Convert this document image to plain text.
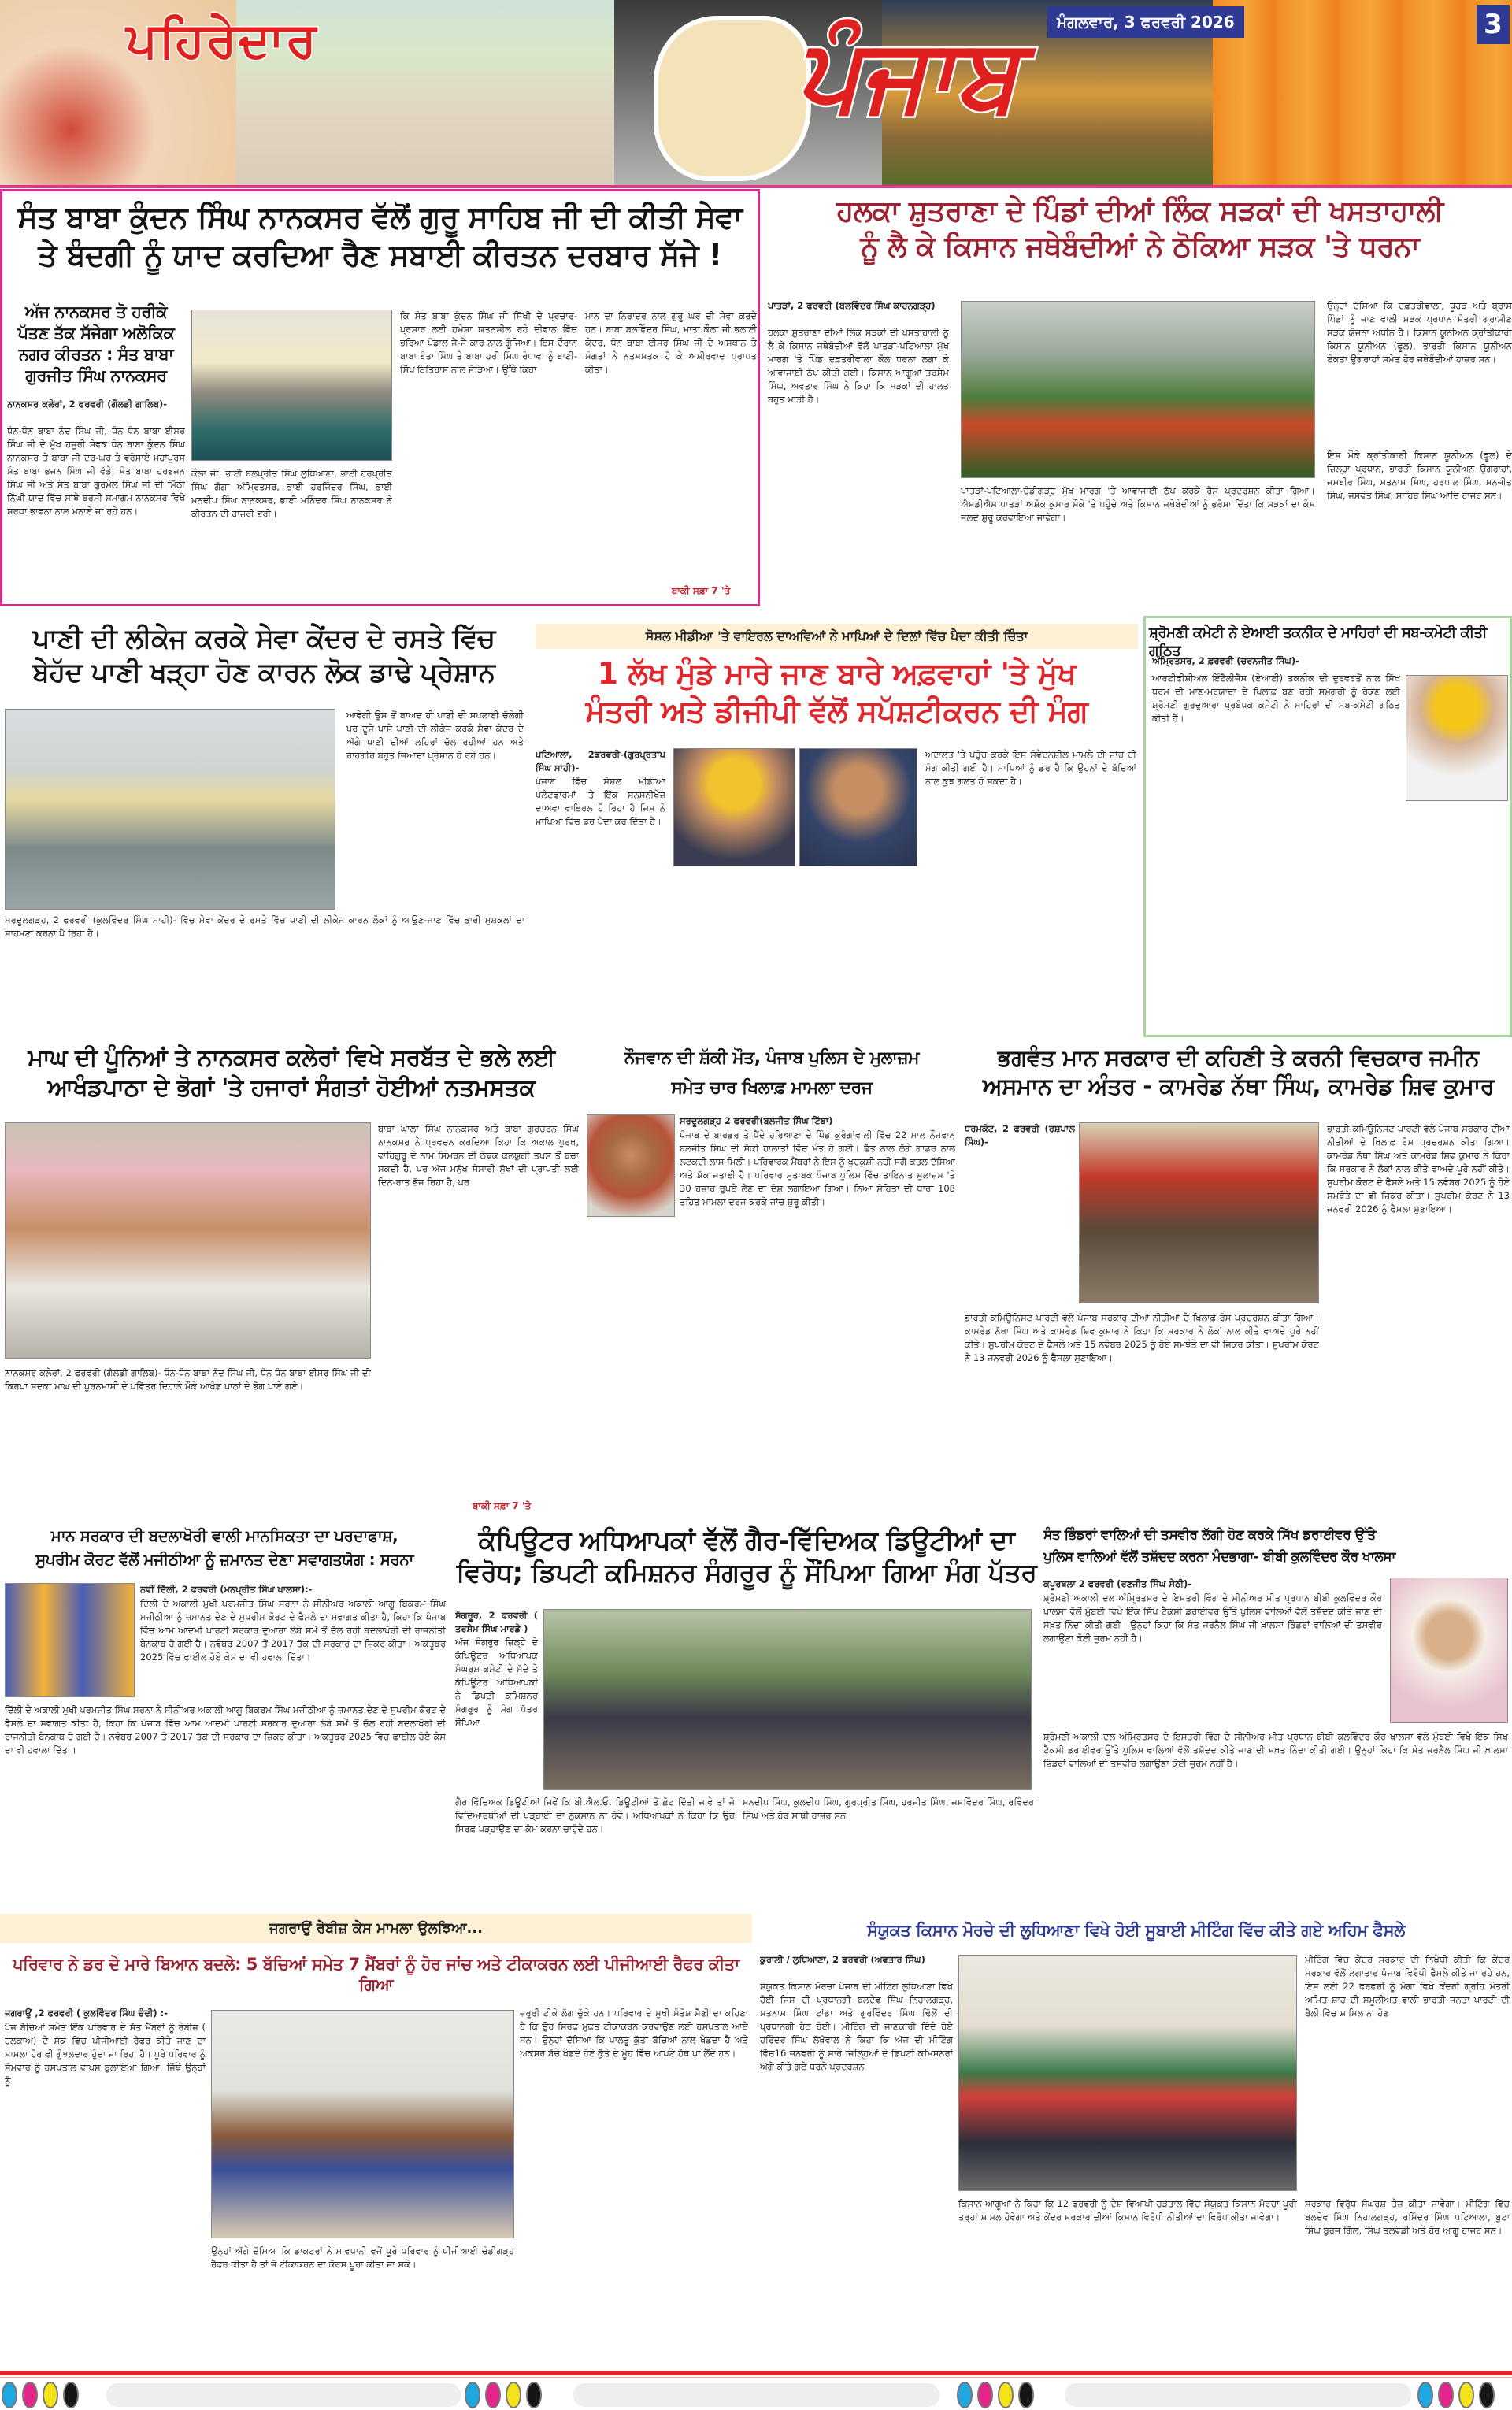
ਪਹਿਰੇਦਾਰ	ਪੰਜਾਬ	ਮੰਗਲਵਾਰ, 3 ਫਰਵਰੀ 2026	3
ਸੰਤ ਬਾਬਾ ਕੁੰਦਨ ਸਿੰਘ ਨਾਨਕਸਰ ਵੱਲੋਂ ਗੁਰੂ ਸਾਹਿਬ ਜੀ ਦੀ ਕੀਤੀ ਸੇਵਾ
ਤੇ ਬੰਦਗੀ ਨੂੰ ਯਾਦ ਕਰਦਿਆ ਰੈਣ ਸਬਾਈ ਕੀਰਤਨ ਦਰਬਾਰ ਸੱਜੇ !
ਅੱਜ ਨਾਨਕਸਰ ਤੋ ਹਰੀਕੇ ਪੱਤਣ ਤੱਕ ਸੱਜੇਗਾ ਅਲੋਕਿਕ ਨਗਰ ਕੀਰਤਨ : ਸੰਤ ਬਾਬਾ ਗੁਰਜੀਤ ਸਿੰਘ ਨਾਨਕਸਰ
ਨਾਨਕਸਰ ਕਲੇਰਾਂ, 2 ਫਰਵਰੀ (ਗੋਲਡੀ ਗਾਲਿਬ)-
ਧੰਨ-ਧੰਨ ਬਾਬਾ ਨੰਦ ਸਿੰਘ ਜੀ, ਧੰਨ ਧੰਨ ਬਾਬਾ ਈਸਰ ਸਿੰਘ ਜੀ ਦੇ ਮੁੱਖ ਹਜੂਰੀ ਸੇਵਕ ਧੰਨ ਬਾਬਾ ਕੁੰਦਨ ਸਿੰਘ ਨਾਨਕਸਰ ਤੇ ਬਾਬਾ ਜੀ ਦਰ-ਘਰ ਤੇ ਵਰੋਸਾਏ ਮਹਾਂਪੁਰਸ ਸੰਤ ਬਾਬਾ ਭਜਨ ਸਿੰਘ ਜੀ ਵੱਡੇ, ਸੰਤ ਬਾਬਾ ਹਰਭਜਨ ਸਿੰਘ ਜੀ ਅਤੇ ਸੰਤ ਬਾਬਾ ਗੁਰਮੇਲ ਸਿੰਘ ਜੀ ਦੀ ਮਿੱਠੀ ਨਿੱਘੀ ਯਾਦ ਵਿੱਚ ਸਾਂਝੇ ਬਰਸੀ ਸਮਾਗਮ ਨਾਨਕਸਰ ਵਿਖੇ ਸ਼ਰਧਾ ਭਾਵਨਾ ਨਾਲ ਮਨਾਏ ਜਾ ਰਹੇ ਹਨ।
ਕੌਲਾ ਜੀ, ਭਾਈ ਬਲਪ੍ਰੀਤ ਸਿੰਘ ਲੁਧਿਆਣਾ, ਭਾਈ ਹਰਪ੍ਰੀਤ ਸਿੰਘ ਗੋਗਾ ਅੰਮ੍ਰਿਤਸਰ, ਭਾਈ ਹਰਜਿੰਦਰ ਸਿੰਘ, ਭਾਈ ਮਨਦੀਪ ਸਿੰਘ ਨਾਨਕਸਰ, ਭਾਈ ਮਨਿੰਦਰ ਸਿੰਘ ਨਾਨਕਸਰ ਨੇ ਕੀਰਤਨ ਦੀ ਹਾਜ਼ਰੀ ਭਰੀ।
ਕਿ ਸੰਤ ਬਾਬਾ ਕੁੰਦਨ ਸਿੰਘ ਜੀ ਸਿੱਖੀ ਦੇ ਪ੍ਰਚਾਰ-ਪ੍ਰਸਾਰ ਲਈ ਹਮੇਸ਼ਾ ਯਤਨਸ਼ੀਲ ਰਹੇ ਦੀਵਾਨ ਵਿੱਚ ਭਰਿਆ ਪੰਡਾਲ ਜੈ-ਜੈ ਕਾਰ ਨਾਲ ਗੂੰਜਿਆ। ਇਸ ਦੌਰਾਨ ਬਾਬਾ ਬੰਤਾ ਸਿੰਘ ਤੇ ਬਾਬਾ ਹਰੀ ਸਿੰਘ ਰੰਧਾਵਾ ਨੂੰ ਬਾਣੀ-ਸਿੱਖ ਇਤਿਹਾਸ ਨਾਲ ਜੋੜਿਆ। ਉੱਥੇ ਕਿਹਾ
ਮਾਨ ਦਾ ਨਿਰਾਦਰ ਨਾਲ ਗੁਰੂ ਘਰ ਦੀ ਸੇਵਾ ਕਰਦੇ ਹਨ। ਬਾਬਾ ਬਲਵਿੰਦਰ ਸਿੰਘ, ਮਾਤਾ ਕੌਲਾ ਜੀ ਭਲਾਈ ਕੇਂਦਰ, ਧੰਨ ਬਾਬਾ ਈਸਰ ਸਿੰਘ ਜੀ ਦੇ ਅਸਥਾਨ ਤੇ ਸੰਗਤਾਂ ਨੇ ਨਤਮਸਤਕ ਹੋ ਕੇ ਅਸ਼ੀਰਵਾਦ ਪ੍ਰਾਪਤ ਕੀਤਾ।
ਬਾਕੀ ਸਫ਼ਾ 7 'ਤੇ
ਹਲਕਾ ਸ਼ੁਤਰਾਣਾ ਦੇ ਪਿੰਡਾਂ ਦੀਆਂ ਲਿੰਕ ਸੜਕਾਂ ਦੀ ਖਸਤਾਹਾਲੀ
ਨੂੰ ਲੈ ਕੇ ਕਿਸਾਨ ਜਥੇਬੰਦੀਆਂ ਨੇ ਠੋਕਿਆ ਸੜਕ 'ਤੇ ਧਰਨਾ
ਪਾਤੜਾਂ, 2 ਫਰਵਰੀ (ਬਲਵਿੰਦਰ ਸਿੰਘ ਕਾਹਨਗੜ੍ਹ)
ਹਲਕਾ ਸ਼ੁਤਰਾਣਾ ਦੀਆਂ ਲਿੰਕ ਸੜਕਾਂ ਦੀ ਖਸਤਾਹਾਲੀ ਨੂੰ ਲੈ ਕੇ ਕਿਸਾਨ ਜਥੇਬੰਦੀਆਂ ਵੱਲੋਂ ਪਾਤੜਾਂ-ਪਟਿਆਲਾ ਮੁੱਖ ਮਾਰਗ 'ਤੇ ਪਿੰਡ ਦਫ਼ਤਰੀਵਾਲਾ ਕੋਲ ਧਰਨਾ ਲਗਾ ਕੇ ਆਵਾਜਾਈ ਠੱਪ ਕੀਤੀ ਗਈ। ਕਿਸਾਨ ਆਗੂਆਂ ਤਰਸੇਮ ਸਿੰਘ, ਅਵਤਾਰ ਸਿੰਘ ਨੇ ਕਿਹਾ ਕਿ ਸੜਕਾਂ ਦੀ ਹਾਲਤ ਬਹੁਤ ਮਾੜੀ ਹੈ।
ਪਾਤੜਾਂ-ਪਟਿਆਲਾ-ਚੰਡੀਗੜ੍ਹ ਮੁੱਖ ਮਾਰਗ 'ਤੇ ਆਵਾਜਾਈ ਠੱਪ ਕਰਕੇ ਰੋਸ ਪ੍ਰਦਰਸ਼ਨ ਕੀਤਾ ਗਿਆ। ਐਸਡੀਐਮ ਪਾਤੜਾਂ ਅਸ਼ੋਕ ਕੁਮਾਰ ਮੌਕੇ 'ਤੇ ਪਹੁੰਚੇ ਅਤੇ ਕਿਸਾਨ ਜਥੇਬੰਦੀਆਂ ਨੂੰ ਭਰੋਸਾ ਦਿੱਤਾ ਕਿ ਸੜਕਾਂ ਦਾ ਕੰਮ ਜਲਦ ਸ਼ੁਰੂ ਕਰਵਾਇਆ ਜਾਵੇਗਾ।
ਉਨ੍ਹਾਂ ਦੱਸਿਆ ਕਿ ਦਫ਼ਤਰੀਵਾਲਾ, ਧੂਹੜ ਅਤੇ ਬ੍ਰਾਸ ਪਿੰਡਾਂ ਨੂੰ ਜਾਣ ਵਾਲੀ ਸੜਕ ਪ੍ਰਧਾਨ ਮੰਤਰੀ ਗ੍ਰਾਮੀਣ ਸੜਕ ਯੋਜਨਾ ਅਧੀਨ ਹੈ। ਕਿਸਾਨ ਯੂਨੀਅਨ ਕ੍ਰਾਂਤੀਕਾਰੀ ਕਿਸਾਨ ਯੂਨੀਅਨ (ਫੂਲ), ਭਾਰਤੀ ਕਿਸਾਨ ਯੂਨੀਅਨ ਏਕਤਾ ਉਗਰਾਹਾਂ ਸਮੇਤ ਹੋਰ ਜਥੇਬੰਦੀਆਂ ਹਾਜ਼ਰ ਸਨ।
ਇਸ ਮੌਕੇ ਕ੍ਰਾਂਤੀਕਾਰੀ ਕਿਸਾਨ ਯੂਨੀਅਨ (ਫੂਲ) ਦੇ ਜ਼ਿਲ੍ਹਾ ਪ੍ਰਧਾਨ, ਭਾਰਤੀ ਕਿਸਾਨ ਯੂਨੀਅਨ ਉਗਰਾਹਾਂ, ਜਸਬੀਰ ਸਿੰਘ, ਸਤਨਾਮ ਸਿੰਘ, ਹਰਪਾਲ ਸਿੰਘ, ਮਨਜੀਤ ਸਿੰਘ, ਜਸਵੰਤ ਸਿੰਘ, ਸਾਹਿਬ ਸਿੰਘ ਆਦਿ ਹਾਜ਼ਰ ਸਨ।
ਪਾਣੀ ਦੀ ਲੀਕੇਜ ਕਰਕੇ ਸੇਵਾ ਕੇਂਦਰ ਦੇ ਰਸਤੇ ਵਿੱਚ
ਬੇਹੱਦ ਪਾਣੀ ਖੜ੍ਹਾ ਹੋਣ ਕਾਰਨ ਲੋਕ ਡਾਢੇ ਪ੍ਰੇਸ਼ਾਨ
ਆਵੇਗੀ ਉਸ ਤੋਂ ਬਾਅਦ ਹੀ ਪਾਣੀ ਦੀ ਸਪਲਾਈ ਚੱਲੇਗੀ ਪਰ ਦੂਜੇ ਪਾਸੇ ਪਾਣੀ ਦੀ ਲੀਕੇਜ ਕਰਕੇ ਸੇਵਾ ਕੇਂਦਰ ਦੇ ਅੱਗੇ ਪਾਣੀ ਦੀਆਂ ਲਹਿਰਾਂ ਚੱਲ ਰਹੀਆਂ ਹਨ ਅਤੇ ਰਾਹਗੀਰ ਬਹੁਤ ਜਿਆਦਾ ਪ੍ਰੇਸ਼ਾਨ ਹੋ ਰਹੇ ਹਨ।
ਸਰਦੂਲਗੜ੍ਹ, 2 ਫਰਵਰੀ (ਕੁਲਵਿੰਦਰ ਸਿੰਘ ਸਾਹੀ)- ਵਿੱਚ ਸੇਵਾ ਕੇਂਦਰ ਦੇ ਰਸਤੇ ਵਿੱਚ ਪਾਣੀ ਦੀ ਲੀਕੇਜ ਕਾਰਨ ਲੋਕਾਂ ਨੂੰ ਆਉਣ-ਜਾਣ ਵਿੱਚ ਭਾਰੀ ਮੁਸ਼ਕਲਾਂ ਦਾ ਸਾਹਮਣਾ ਕਰਨਾ ਪੈ ਰਿਹਾ ਹੈ।
ਸੋਸ਼ਲ ਮੀਡੀਆ 'ਤੇ ਵਾਇਰਲ ਦਾਅਵਿਆਂ ਨੇ ਮਾਪਿਆਂ ਦੇ ਦਿਲਾਂ ਵਿੱਚ ਪੈਦਾ ਕੀਤੀ ਚਿੰਤਾ
1 ਲੱਖ ਮੁੰਡੇ ਮਾਰੇ ਜਾਣ ਬਾਰੇ ਅਫ਼ਵਾਹਾਂ 'ਤੇ ਮੁੱਖ
ਮੰਤਰੀ ਅਤੇ ਡੀਜੀਪੀ ਵੱਲੋਂ ਸਪੱਸ਼ਟੀਕਰਨ ਦੀ ਮੰਗ
ਪਟਿਆਲਾ, 2ਫਰਵਰੀ-(ਗੁਰਪ੍ਰਤਾਪ ਸਿੰਘ ਸਾਹੀ)-
ਪੰਜਾਬ ਵਿੱਚ ਸੋਸ਼ਲ ਮੀਡੀਆ ਪਲੇਟਫਾਰਮਾਂ 'ਤੇ ਇੱਕ ਸਨਸਨੀਖੇਜ਼ ਦਾਅਵਾ ਵਾਇਰਲ ਹੋ ਰਿਹਾ ਹੈ ਜਿਸ ਨੇ ਮਾਪਿਆਂ ਵਿੱਚ ਡਰ ਪੈਦਾ ਕਰ ਦਿੱਤਾ ਹੈ।
ਅਦਾਲਤ 'ਤੇ ਪਹੁੰਚ ਕਰਕੇ ਇਸ ਸੰਵੇਦਨਸ਼ੀਲ ਮਾਮਲੇ ਦੀ ਜਾਂਚ ਦੀ ਮੰਗ ਕੀਤੀ ਗਈ ਹੈ। ਮਾਪਿਆਂ ਨੂੰ ਡਰ ਹੈ ਕਿ ਉਹਨਾਂ ਦੇ ਬੱਚਿਆਂ ਨਾਲ ਕੁਝ ਗਲਤ ਹੋ ਸਕਦਾ ਹੈ।
ਸ਼੍ਰੋਮਣੀ ਕਮੇਟੀ ਨੇ ਏਆਈ ਤਕਨੀਕ ਦੇ ਮਾਹਿਰਾਂ ਦੀ ਸਬ-ਕਮੇਟੀ ਕੀਤੀ ਗਠਿਤ
ਅੰਮ੍ਰਿਤਸਰ, 2 ਫ਼ਰਵਰੀ (ਚਰਨਜੀਤ ਸਿੰਘ)-
ਆਰਟੀਫੀਸ਼ੀਅਲ ਇੰਟੈਲੀਜੈਂਸ (ਏਆਈ) ਤਕਨੀਕ ਦੀ ਦੁਰਵਰਤੋਂ ਨਾਲ ਸਿੱਖ ਧਰਮ ਦੀ ਮਾਣ-ਮਰਯਾਦਾ ਦੇ ਖਿਲਾਫ਼ ਬਣ ਰਹੀ ਸਮੱਗਰੀ ਨੂੰ ਰੋਕਣ ਲਈ ਸ਼੍ਰੋਮਣੀ ਗੁਰਦੁਆਰਾ ਪ੍ਰਬੰਧਕ ਕਮੇਟੀ ਨੇ ਮਾਹਿਰਾਂ ਦੀ ਸਬ-ਕਮੇਟੀ ਗਠਿਤ ਕੀਤੀ ਹੈ।
ਮਾਘ ਦੀ ਪੂੰਨਿਆਂ ਤੇ ਨਾਨਕਸਰ ਕਲੇਰਾਂ ਵਿਖੇ ਸਰਬੱਤ ਦੇ ਭਲੇ ਲਈ
ਆਖੰਡਪਾਠਾ ਦੇ ਭੋਗਾਂ 'ਤੇ ਹਜਾਰਾਂ ਸੰਗਤਾਂ ਹੋਈਆਂ ਨਤਮਸਤਕ
ਬਾਬਾ ਘਾਲਾ ਸਿੰਘ ਨਾਨਕਸਰ ਅਤੇ ਬਾਬਾ ਗੁਰਚਰਨ ਸਿੰਘ ਨਾਨਕਸਰ ਨੇ ਪ੍ਰਵਚਨ ਕਰਦਿਆ ਕਿਹਾ ਕਿ ਅਕਾਲ ਪੁਰਖ, ਵਾਹਿਗੁਰੂ ਦੇ ਨਾਮ ਸਿਮਰਨ ਦੀ ਠੰਢਕ ਕਲਯੁਗੀ ਤਪਸ ਤੋਂ ਬਚਾ ਸਕਦੀ ਹੈ, ਪਰ ਅੱਜ ਮਨੁੱਖ ਸੰਸਾਰੀ ਸੁੱਖਾਂ ਦੀ ਪ੍ਰਾਪਤੀ ਲਈ ਦਿਨ-ਰਾਤ ਭੱਜ ਰਿਹਾ ਹੈ, ਪਰ
ਨਾਨਕਸਰ ਕਲੇਰਾਂ, 2 ਫਰਵਰੀ (ਗੋਲਡੀ ਗਾਲਿਬ)- ਧੰਨ-ਧੰਨ ਬਾਬਾ ਨੰਦ ਸਿੰਘ ਜੀ, ਧੰਨ ਧੰਨ ਬਾਬਾ ਈਸਰ ਸਿੰਘ ਜੀ ਦੀ ਕਿਰਪਾ ਸਦਕਾ ਮਾਘ ਦੀ ਪੂਰਨਮਾਸ਼ੀ ਦੇ ਪਵਿੱਤਰ ਦਿਹਾੜੇ ਮੌਕੇ ਆਖੰਡ ਪਾਠਾਂ ਦੇ ਭੋਗ ਪਾਏ ਗਏ।
ਬਾਕੀ ਸਫ਼ਾ 7 'ਤੇ
ਨੌਜਵਾਨ ਦੀ ਸ਼ੱਕੀ ਮੌਤ, ਪੰਜਾਬ ਪੁਲਿਸ ਦੇ ਮੁਲਾਜ਼ਮ
ਸਮੇਤ ਚਾਰ ਖਿਲਾਫ਼ ਮਾਮਲਾ ਦਰਜ
ਸਰਦੂਲਗੜ੍ਹ 2 ਫਰਵਰੀ(ਬਲਜੀਤ ਸਿੰਘ ਟਿੱਬਾ)
ਪੰਜਾਬ ਦੇ ਬਾਰਡਰ ਤੇ ਪੈਂਦੇ ਹਰਿਆਣਾ ਦੇ ਪਿੰਡ ਕੁਰੰਗਾਂਵਾਲੀ ਵਿੱਚ 22 ਸਾਲ ਨੌਜਵਾਨ ਬਲਜੀਤ ਸਿੰਘ ਦੀ ਸ਼ੱਕੀ ਹਾਲਾਤਾਂ ਵਿੱਚ ਮੌਤ ਹੋ ਗਈ। ਛੱਤ ਨਾਲ ਲੱਗੇ ਗਾਡਰ ਨਾਲ ਲਟਕਦੀ ਲਾਸ਼ ਮਿਲੀ। ਪਰਿਵਾਰਕ ਮੈਂਬਰਾਂ ਨੇ ਇਸ ਨੂੰ ਖੁਦਕੁਸ਼ੀ ਨਹੀਂ ਸਗੋਂ ਕਤਲ ਦੱਸਿਆ ਅਤੇ ਸ਼ੱਕ ਜਤਾਈ ਹੈ। ਪਰਿਵਾਰ ਮੁਤਾਬਕ ਪੰਜਾਬ ਪੁਲਿਸ ਵਿੱਚ ਤਾਇਨਾਤ ਮੁਲਾਜ਼ਮ 'ਤੇ 30 ਹਜ਼ਾਰ ਰੁਪਏ ਲੈਣ ਦਾ ਦੋਸ਼ ਲਗਾਇਆ ਗਿਆ। ਨਿਆ ਸੰਹਿਤਾ ਦੀ ਧਾਰਾ 108 ਤਹਿਤ ਮਾਮਲਾ ਦਰਜ ਕਰਕੇ ਜਾਂਚ ਸ਼ੁਰੂ ਕੀਤੀ।
ਭਗਵੰਤ ਮਾਨ ਸਰਕਾਰ ਦੀ ਕਹਿਣੀ ਤੇ ਕਰਨੀ ਵਿਚਕਾਰ ਜਮੀਨ
ਅਸਮਾਨ ਦਾ ਅੰਤਰ - ਕਾਮਰੇਡ ਨੱਥਾ ਸਿੰਘ, ਕਾਮਰੇਡ ਸ਼ਿਵ ਕੁਮਾਰ
ਧਰਮਕੋਟ, 2 ਫਰਵਰੀ (ਰਸ਼ਪਾਲ ਸਿੰਘ)-
ਭਾਰਤੀ ਕਮਿਊਨਿਸਟ ਪਾਰਟੀ ਵੱਲੋਂ ਪੰਜਾਬ ਸਰਕਾਰ ਦੀਆਂ ਨੀਤੀਆਂ ਦੇ ਖਿਲਾਫ਼ ਰੋਸ ਪ੍ਰਦਰਸ਼ਨ ਕੀਤਾ ਗਿਆ। ਕਾਮਰੇਡ ਨੱਥਾ ਸਿੰਘ ਅਤੇ ਕਾਮਰੇਡ ਸ਼ਿਵ ਕੁਮਾਰ ਨੇ ਕਿਹਾ ਕਿ ਸਰਕਾਰ ਨੇ ਲੋਕਾਂ ਨਾਲ ਕੀਤੇ ਵਾਅਦੇ ਪੂਰੇ ਨਹੀਂ ਕੀਤੇ। ਸੁਪਰੀਮ ਕੋਰਟ ਦੇ ਫੈਸਲੇ ਅਤੇ 15 ਨਵੰਬਰ 2025 ਨੂੰ ਹੋਏ ਸਮਝੌਤੇ ਦਾ ਵੀ ਜ਼ਿਕਰ ਕੀਤਾ। ਸੁਪਰੀਮ ਕੋਰਟ ਨੇ 13 ਜਨਵਰੀ 2026 ਨੂੰ ਫੈਸਲਾ ਸੁਣਾਇਆ।
ਭਾਰਤੀ ਕਮਿਊਨਿਸਟ ਪਾਰਟੀ ਵੱਲੋਂ ਪੰਜਾਬ ਸਰਕਾਰ ਦੀਆਂ ਨੀਤੀਆਂ ਦੇ ਖਿਲਾਫ਼ ਰੋਸ ਪ੍ਰਦਰਸ਼ਨ ਕੀਤਾ ਗਿਆ। ਕਾਮਰੇਡ ਨੱਥਾ ਸਿੰਘ ਅਤੇ ਕਾਮਰੇਡ ਸ਼ਿਵ ਕੁਮਾਰ ਨੇ ਕਿਹਾ ਕਿ ਸਰਕਾਰ ਨੇ ਲੋਕਾਂ ਨਾਲ ਕੀਤੇ ਵਾਅਦੇ ਪੂਰੇ ਨਹੀਂ ਕੀਤੇ। ਸੁਪਰੀਮ ਕੋਰਟ ਦੇ ਫੈਸਲੇ ਅਤੇ 15 ਨਵੰਬਰ 2025 ਨੂੰ ਹੋਏ ਸਮਝੌਤੇ ਦਾ ਵੀ ਜ਼ਿਕਰ ਕੀਤਾ। ਸੁਪਰੀਮ ਕੋਰਟ ਨੇ 13 ਜਨਵਰੀ 2026 ਨੂੰ ਫੈਸਲਾ ਸੁਣਾਇਆ।
ਮਾਨ ਸਰਕਾਰ ਦੀ ਬਦਲਾਖੋਰੀ ਵਾਲੀ ਮਾਨਸਿਕਤਾ ਦਾ ਪਰਦਾਫਾਸ਼,
ਸੁਪਰੀਮ ਕੋਰਟ ਵੱਲੋਂ ਮਜੀਠੀਆ ਨੂੰ ਜ਼ਮਾਨਤ ਦੇਣਾ ਸਵਾਗਤਯੋਗ : ਸਰਨਾ
ਨਵੀਂ ਦਿੱਲੀ, 2 ਫਰਵਰੀ (ਮਨਪ੍ਰੀਤ ਸਿੰਘ ਖਾਲਸਾ):-
ਦਿੱਲੀ ਦੇ ਅਕਾਲੀ ਮੁਖੀ ਪਰਮਜੀਤ ਸਿੰਘ ਸਰਨਾ ਨੇ ਸੀਨੀਅਰ ਅਕਾਲੀ ਆਗੂ ਬਿਕਰਮ ਸਿੰਘ ਮਜੀਠੀਆ ਨੂੰ ਜ਼ਮਾਨਤ ਦੇਣ ਦੇ ਸੁਪਰੀਮ ਕੋਰਟ ਦੇ ਫੈਸਲੇ ਦਾ ਸਵਾਗਤ ਕੀਤਾ ਹੈ, ਕਿਹਾ ਕਿ ਪੰਜਾਬ ਵਿੱਚ ਆਮ ਆਦਮੀ ਪਾਰਟੀ ਸਰਕਾਰ ਦੁਆਰਾ ਲੰਬੇ ਸਮੇਂ ਤੋਂ ਚੱਲ ਰਹੀ ਬਦਲਾਖੋਰੀ ਦੀ ਰਾਜਨੀਤੀ ਬੇਨਕਾਬ ਹੋ ਗਈ ਹੈ। ਨਵੰਬਰ 2007 ਤੋਂ 2017 ਤੱਕ ਦੀ ਸਰਕਾਰ ਦਾ ਜ਼ਿਕਰ ਕੀਤਾ। ਅਕਤੂਬਰ 2025 ਵਿੱਚ ਫਾਈਲ ਹੋਏ ਕੇਸ ਦਾ ਵੀ ਹਵਾਲਾ ਦਿੱਤਾ।
ਦਿੱਲੀ ਦੇ ਅਕਾਲੀ ਮੁਖੀ ਪਰਮਜੀਤ ਸਿੰਘ ਸਰਨਾ ਨੇ ਸੀਨੀਅਰ ਅਕਾਲੀ ਆਗੂ ਬਿਕਰਮ ਸਿੰਘ ਮਜੀਠੀਆ ਨੂੰ ਜ਼ਮਾਨਤ ਦੇਣ ਦੇ ਸੁਪਰੀਮ ਕੋਰਟ ਦੇ ਫੈਸਲੇ ਦਾ ਸਵਾਗਤ ਕੀਤਾ ਹੈ, ਕਿਹਾ ਕਿ ਪੰਜਾਬ ਵਿੱਚ ਆਮ ਆਦਮੀ ਪਾਰਟੀ ਸਰਕਾਰ ਦੁਆਰਾ ਲੰਬੇ ਸਮੇਂ ਤੋਂ ਚੱਲ ਰਹੀ ਬਦਲਾਖੋਰੀ ਦੀ ਰਾਜਨੀਤੀ ਬੇਨਕਾਬ ਹੋ ਗਈ ਹੈ। ਨਵੰਬਰ 2007 ਤੋਂ 2017 ਤੱਕ ਦੀ ਸਰਕਾਰ ਦਾ ਜ਼ਿਕਰ ਕੀਤਾ। ਅਕਤੂਬਰ 2025 ਵਿੱਚ ਫਾਈਲ ਹੋਏ ਕੇਸ ਦਾ ਵੀ ਹਵਾਲਾ ਦਿੱਤਾ।
ਕੰਪਿਊਟਰ ਅਧਿਆਪਕਾਂ ਵੱਲੋਂ ਗੈਰ-ਵਿੱਦਿਅਕ ਡਿਊਟੀਆਂ ਦਾ
ਵਿਰੋਧ; ਡਿਪਟੀ ਕਮਿਸ਼ਨਰ ਸੰਗਰੂਰ ਨੂੰ ਸੌਂਪਿਆ ਗਿਆ ਮੰਗ ਪੱਤਰ
ਸੰਗਰੂਰ, 2 ਫਰਵਰੀ ( ਤਰਸੇਮ ਸਿੰਘ ਮਾਰਡੇ )
ਅੱਜ ਸੰਗਰੂਰ ਜ਼ਿਲ੍ਹੇ ਦੇ ਕੰਪਿਊਟਰ ਅਧਿਆਪਕ ਸੰਘਰਸ਼ ਕਮੇਟੀ ਦੇ ਸੱਦੇ ਤੇ ਕੰਪਿਊਟਰ ਅਧਿਆਪਕਾਂ ਨੇ ਡਿਪਟੀ ਕਮਿਸ਼ਨਰ ਸੰਗਰੂਰ ਨੂੰ ਮੰਗ ਪੱਤਰ ਸੌਂਪਿਆ।
ਗੈਰ ਵਿੱਦਿਅਕ ਡਿਊਟੀਆਂ ਜਿਵੇਂ ਕਿ ਬੀ.ਐਲ.ਓ. ਡਿਊਟੀਆਂ ਤੋਂ ਛੋਟ ਦਿੱਤੀ ਜਾਵੇ ਤਾਂ ਜੋ ਵਿਦਿਆਰਥੀਆਂ ਦੀ ਪੜ੍ਹਾਈ ਦਾ ਨੁਕਸਾਨ ਨਾ ਹੋਵੇ। ਅਧਿਆਪਕਾਂ ਨੇ ਕਿਹਾ ਕਿ ਉਹ ਸਿਰਫ਼ ਪੜ੍ਹਾਉਣ ਦਾ ਕੰਮ ਕਰਨਾ ਚਾਹੁੰਦੇ ਹਨ।
ਮਨਦੀਪ ਸਿੰਘ, ਕੁਲਦੀਪ ਸਿੰਘ, ਗੁਰਪ੍ਰੀਤ ਸਿੰਘ, ਹਰਜੀਤ ਸਿੰਘ, ਜਸਵਿੰਦਰ ਸਿੰਘ, ਰਵਿੰਦਰ ਸਿੰਘ ਅਤੇ ਹੋਰ ਸਾਥੀ ਹਾਜ਼ਰ ਸਨ।
ਸੰਤ ਭਿੰਡਰਾਂ ਵਾਲਿਆਂ ਦੀ ਤਸਵੀਰ ਲੱਗੀ ਹੋਣ ਕਰਕੇ ਸਿੱਖ ਡਰਾਈਵਰ ਉੱਤੇ
ਪੁਲਿਸ ਵਾਲਿਆਂ ਵੱਲੋਂ ਤਸ਼ੱਦਦ ਕਰਨਾ ਮੰਦਭਾਗਾ- ਬੀਬੀ ਕੁਲਵਿੰਦਰ ਕੌਰ ਖਾਲਸਾ
ਕਪੂਰਥਲਾ 2 ਫਰਵਰੀ (ਰਣਜੀਤ ਸਿੰਘ ਸੇਠੀ)-
ਸ਼੍ਰੋਮਣੀ ਅਕਾਲੀ ਦਲ ਅੰਮ੍ਰਿਤਸਰ ਦੇ ਇਸਤਰੀ ਵਿੰਗ ਦੇ ਸੀਨੀਅਰ ਮੀਤ ਪ੍ਰਧਾਨ ਬੀਬੀ ਕੁਲਵਿੰਦਰ ਕੌਰ ਖਾਲਸਾ ਵੱਲੋਂ ਮੁੰਬਈ ਵਿਖੇ ਇੱਕ ਸਿੱਖ ਟੈਕਸੀ ਡਰਾਈਵਰ ਉੱਤੇ ਪੁਲਿਸ ਵਾਲਿਆਂ ਵੱਲੋਂ ਤਸ਼ੱਦਦ ਕੀਤੇ ਜਾਣ ਦੀ ਸਖ਼ਤ ਨਿੰਦਾ ਕੀਤੀ ਗਈ। ਉਨ੍ਹਾਂ ਕਿਹਾ ਕਿ ਸੰਤ ਜਰਨੈਲ ਸਿੰਘ ਜੀ ਖ਼ਾਲਸਾ ਭਿੰਡਰਾਂ ਵਾਲਿਆਂ ਦੀ ਤਸਵੀਰ ਲਗਾਉਣਾ ਕੋਈ ਜੁਰਮ ਨਹੀਂ ਹੈ।
ਸ਼੍ਰੋਮਣੀ ਅਕਾਲੀ ਦਲ ਅੰਮ੍ਰਿਤਸਰ ਦੇ ਇਸਤਰੀ ਵਿੰਗ ਦੇ ਸੀਨੀਅਰ ਮੀਤ ਪ੍ਰਧਾਨ ਬੀਬੀ ਕੁਲਵਿੰਦਰ ਕੌਰ ਖਾਲਸਾ ਵੱਲੋਂ ਮੁੰਬਈ ਵਿਖੇ ਇੱਕ ਸਿੱਖ ਟੈਕਸੀ ਡਰਾਈਵਰ ਉੱਤੇ ਪੁਲਿਸ ਵਾਲਿਆਂ ਵੱਲੋਂ ਤਸ਼ੱਦਦ ਕੀਤੇ ਜਾਣ ਦੀ ਸਖ਼ਤ ਨਿੰਦਾ ਕੀਤੀ ਗਈ। ਉਨ੍ਹਾਂ ਕਿਹਾ ਕਿ ਸੰਤ ਜਰਨੈਲ ਸਿੰਘ ਜੀ ਖ਼ਾਲਸਾ ਭਿੰਡਰਾਂ ਵਾਲਿਆਂ ਦੀ ਤਸਵੀਰ ਲਗਾਉਣਾ ਕੋਈ ਜੁਰਮ ਨਹੀਂ ਹੈ।
ਜਗਰਾਉਂ ਰੇਬੀਜ਼ ਕੇਸ ਮਾਮਲਾ ਉਲਝਿਆ...
ਪਰਿਵਾਰ ਨੇ ਡਰ ਦੇ ਮਾਰੇ ਬਿਆਨ ਬਦਲੇ: 5 ਬੱਚਿਆਂ ਸਮੇਤ 7 ਮੈਂਬਰਾਂ ਨੂੰ ਹੋਰ ਜਾਂਚ ਅਤੇ ਟੀਕਾਕਰਨ ਲਈ ਪੀਜੀਆਈ ਰੈਫਰ ਕੀਤਾ ਗਿਆ
ਜਗਰਾਉਂ ,2 ਫਰਵਰੀ ( ਕੁਲਵਿੰਦਰ ਸਿੰਘ ਚੰਦੀ) :-
ਪੰਜ ਬੱਚਿਆਂ ਸਮੇਤ ਇੱਕ ਪਰਿਵਾਰ ਦੇ ਸੱਤ ਮੈਂਬਰਾਂ ਨੂੰ ਰੇਬੀਜ਼ ( ਹਲਕਾਅ) ਦੇ ਸ਼ੱਕ ਵਿੱਚ ਪੀਜੀਆਈ ਰੈਫਰ ਕੀਤੇ ਜਾਣ ਦਾ ਮਾਮਲਾ ਹੋਰ ਵੀ ਗੁੰਝਲਦਾਰ ਹੁੰਦਾ ਜਾ ਰਿਹਾ ਹੈ। ਪੂਰੇ ਪਰਿਵਾਰ ਨੂੰ ਸੋਮਵਾਰ ਨੂੰ ਹਸਪਤਾਲ ਵਾਪਸ ਬੁਲਾਇਆ ਗਿਆ, ਜਿੱਥੇ ਉਨ੍ਹਾਂ ਨੂੰ
ਉਨ੍ਹਾਂ ਅੱਗੇ ਦੱਸਿਆ ਕਿ ਡਾਕਟਰਾਂ ਨੇ ਸਾਵਧਾਨੀ ਵਜੋਂ ਪੂਰੇ ਪਰਿਵਾਰ ਨੂੰ ਪੀਜੀਆਈ ਚੰਡੀਗੜ੍ਹ ਰੈਫਰ ਕੀਤਾ ਹੈ ਤਾਂ ਜੋ ਟੀਕਾਕਰਨ ਦਾ ਕੋਰਸ ਪੂਰਾ ਕੀਤਾ ਜਾ ਸਕੇ।
ਜ਼ਰੂਰੀ ਟੀਕੇ ਲੱਗ ਚੁੱਕੇ ਹਨ। ਪਰਿਵਾਰ ਦੇ ਮੁਖੀ ਸੰਤੋਸ਼ ਸੈਣੀ ਦਾ ਕਹਿਣਾ ਹੈ ਕਿ ਉਹ ਸਿਰਫ਼ ਮੁਫ਼ਤ ਟੀਕਾਕਰਨ ਕਰਵਾਉਣ ਲਈ ਹਸਪਤਾਲ ਆਏ ਸਨ। ਉਨ੍ਹਾਂ ਦੱਸਿਆ ਕਿ ਪਾਲਤੂ ਕੁੱਤਾ ਬੱਚਿਆਂ ਨਾਲ ਖੇਡਦਾ ਹੈ ਅਤੇ ਅਕਸਰ ਬੱਚੇ ਖੇਡਦੇ ਹੋਏ ਕੁੱਤੇ ਦੇ ਮੂੰਹ ਵਿੱਚ ਆਪਣੇ ਹੱਥ ਪਾ ਲੈਂਦੇ ਹਨ।
ਸੰਯੁਕਤ ਕਿਸਾਨ ਮੋਰਚੇ ਦੀ ਲੁਧਿਆਣਾ ਵਿਖੇ ਹੋਈ ਸੂਬਾਈ ਮੀਟਿੰਗ ਵਿੱਚ ਕੀਤੇ ਗਏ ਅਹਿਮ ਫੈਸਲੇ
ਕੁਰਾਲੀ / ਲੁਧਿਆਣਾ, 2 ਫਰਵਰੀ (ਅਵਤਾਰ ਸਿੰਘ)
ਸੰਯੁਕਤ ਕਿਸਾਨ ਮੋਰਚਾ ਪੰਜਾਬ ਦੀ ਮੀਟਿੰਗ ਲੁਧਿਆਣਾ ਵਿਖੇ ਹੋਈ ਜਿਸ ਦੀ ਪ੍ਰਧਾਨਗੀ ਬਲਦੇਵ ਸਿੰਘ ਨਿਹਾਲਗੜ੍ਹ, ਸਤਨਾਮ ਸਿੰਘ ਟਾਂਡਾ ਅਤੇ ਗੁਰਵਿੰਦਰ ਸਿੰਘ ਢਿੱਲੋਂ ਦੀ ਪ੍ਰਧਾਨਗੀ ਹੇਠ ਹੋਈ। ਮੀਟਿੰਗ ਦੀ ਜਾਣਕਾਰੀ ਦਿੰਦੇ ਹੋਏ ਹਰਿੰਦਰ ਸਿੰਘ ਲੱਖੋਵਾਲ ਨੇ ਕਿਹਾ ਕਿ ਅੱਜ ਦੀ ਮੀਟਿੰਗ ਵਿੱਚ16 ਜਨਵਰੀ ਨੂੰ ਸਾਰੇ ਜਿਲ੍ਹਿਆਂ ਦੇ ਡਿਪਟੀ ਕਮਿਸ਼ਨਰਾਂ ਅੱਗੇ ਕੀਤੇ ਗਏ ਧਰਨੇ ਪ੍ਰਦਰਸ਼ਨ
ਕਿਸਾਨ ਆਗੂਆਂ ਨੇ ਕਿਹਾ ਕਿ 12 ਫਰਵਰੀ ਨੂੰ ਦੇਸ਼ ਵਿਆਪੀ ਹੜਤਾਲ ਵਿੱਚ ਸੰਯੁਕਤ ਕਿਸਾਨ ਮੋਰਚਾ ਪੂਰੀ ਤਰ੍ਹਾਂ ਸ਼ਾਮਲ ਹੋਵੇਗਾ ਅਤੇ ਕੇਂਦਰ ਸਰਕਾਰ ਦੀਆਂ ਕਿਸਾਨ ਵਿਰੋਧੀ ਨੀਤੀਆਂ ਦਾ ਵਿਰੋਧ ਕੀਤਾ ਜਾਵੇਗਾ।
ਮੀਟਿੰਗ ਵਿੱਚ ਕੇਂਦਰ ਸਰਕਾਰ ਦੀ ਨਿਖੇਧੀ ਕੀਤੀ ਕਿ ਕੇਂਦਰ ਸਰਕਾਰ ਵੱਲੋਂ ਲਗਾਤਾਰ ਪੰਜਾਬ ਵਿਰੋਧੀ ਫੈਸਲੇ ਕੀਤੇ ਜਾ ਰਹੇ ਹਨ, ਇਸ ਲਈ 22 ਫਰਵਰੀ ਨੂੰ ਮੋਗਾ ਵਿਖੇ ਕੇਂਦਰੀ ਗ੍ਰਹਿ ਮੰਤਰੀ ਅਮਿਤ ਸ਼ਾਹ ਦੀ ਸ਼ਮੂਲੀਅਤ ਵਾਲੀ ਭਾਰਤੀ ਜਨਤਾ ਪਾਰਟੀ ਦੀ ਰੈਲੀ ਵਿੱਚ ਸ਼ਾਮਿਲ ਨਾ ਹੋਣ
ਸਰਕਾਰ ਵਿਰੁੱਧ ਸੰਘਰਸ਼ ਤੇਜ਼ ਕੀਤਾ ਜਾਵੇਗਾ। ਮੀਟਿੰਗ ਵਿੱਚ ਬਲਦੇਵ ਸਿੰਘ ਨਿਹਾਲਗੜ੍ਹ, ਰਮਿੰਦਰ ਸਿੰਘ ਪਟਿਆਲਾ, ਬੂਟਾ ਸਿੰਘ ਬੁਰਜ ਗਿੱਲ, ਸਿੰਘ ਤਲਵੰਡੀ ਅਤੇ ਹੋਰ ਆਗੂ ਹਾਜ਼ਰ ਸਨ।
